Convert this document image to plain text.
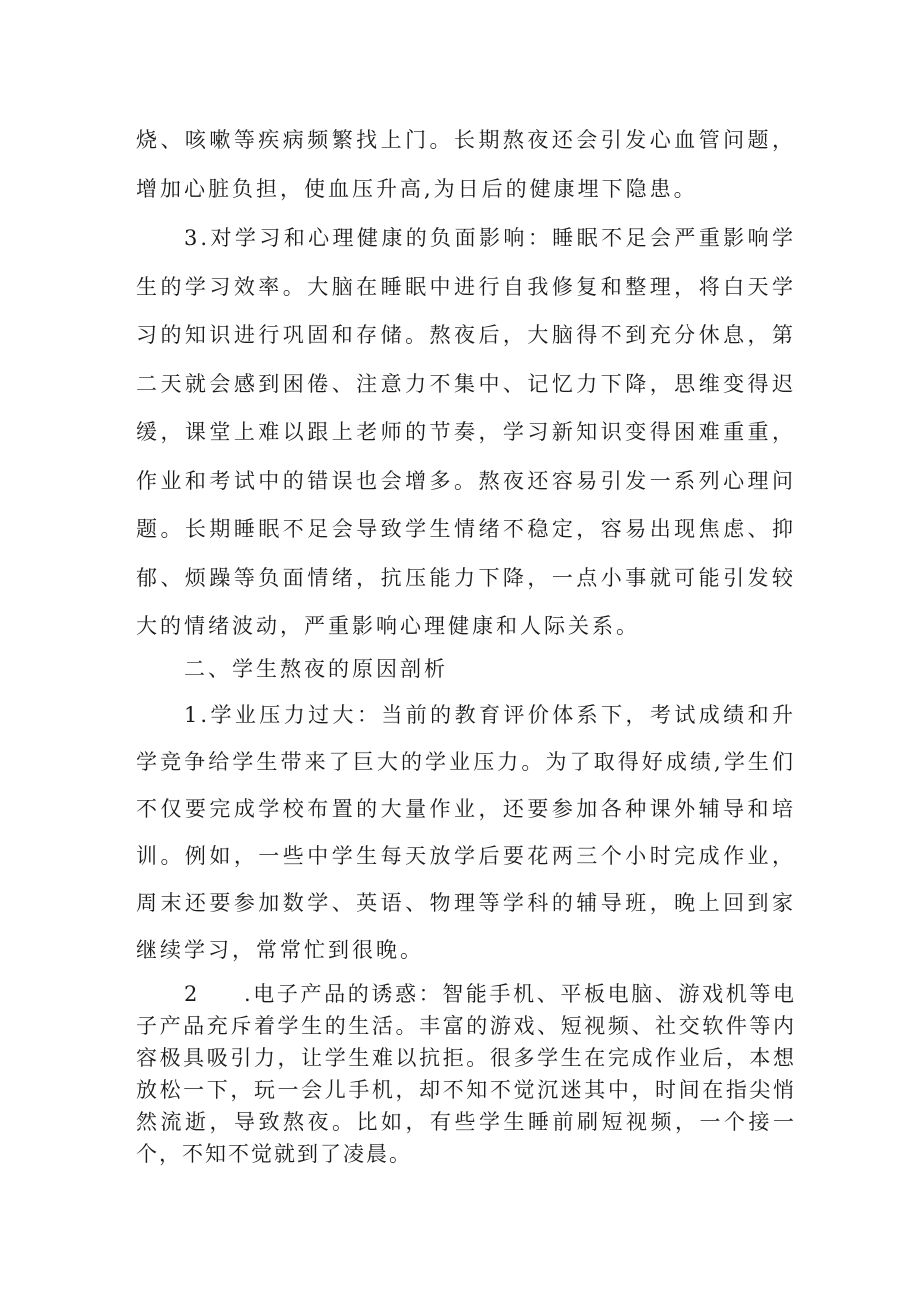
烧、咳嗽等疾病频繁找上门。长期熬夜还会引发心血管问题，增加心脏负担，使血压升高,为日后的健康埋下隐患。

3.对学习和心理健康的负面影响：睡眠不足会严重影响学生的学习效率。大脑在睡眠中进行自我修复和整理，将白天学习的知识进行巩固和存储。熬夜后，大脑得不到充分休息，第二天就会感到困倦、注意力不集中、记忆力下降，思维变得迟缓，课堂上难以跟上老师的节奏，学习新知识变得困难重重，作业和考试中的错误也会增多。熬夜还容易引发一系列心理问题。长期睡眠不足会导致学生情绪不稳定，容易出现焦虑、抑郁、烦躁等负面情绪，抗压能力下降，一点小事就可能引发较大的情绪波动，严重影响心理健康和人际关系。

二、学生熬夜的原因剖析

1.学业压力过大：当前的教育评价体系下，考试成绩和升学竞争给学生带来了巨大的学业压力。为了取得好成绩,学生们不仅要完成学校布置的大量作业，还要参加各种课外辅导和培训。例如，一些中学生每天放学后要花两三个小时完成作业，周末还要参加数学、英语、物理等学科的辅导班，晚上回到家继续学习，常常忙到很晚。

2 .电子产品的诱惑：智能手机、平板电脑、游戏机等电子产品充斥着学生的生活。丰富的游戏、短视频、社交软件等内容极具吸引力，让学生难以抗拒。很多学生在完成作业后，本想放松一下，玩一会儿手机，却不知不觉沉迷其中，时间在指尖悄然流逝，导致熬夜。比如，有些学生睡前刷短视频，一个接一个，不知不觉就到了凌晨。
